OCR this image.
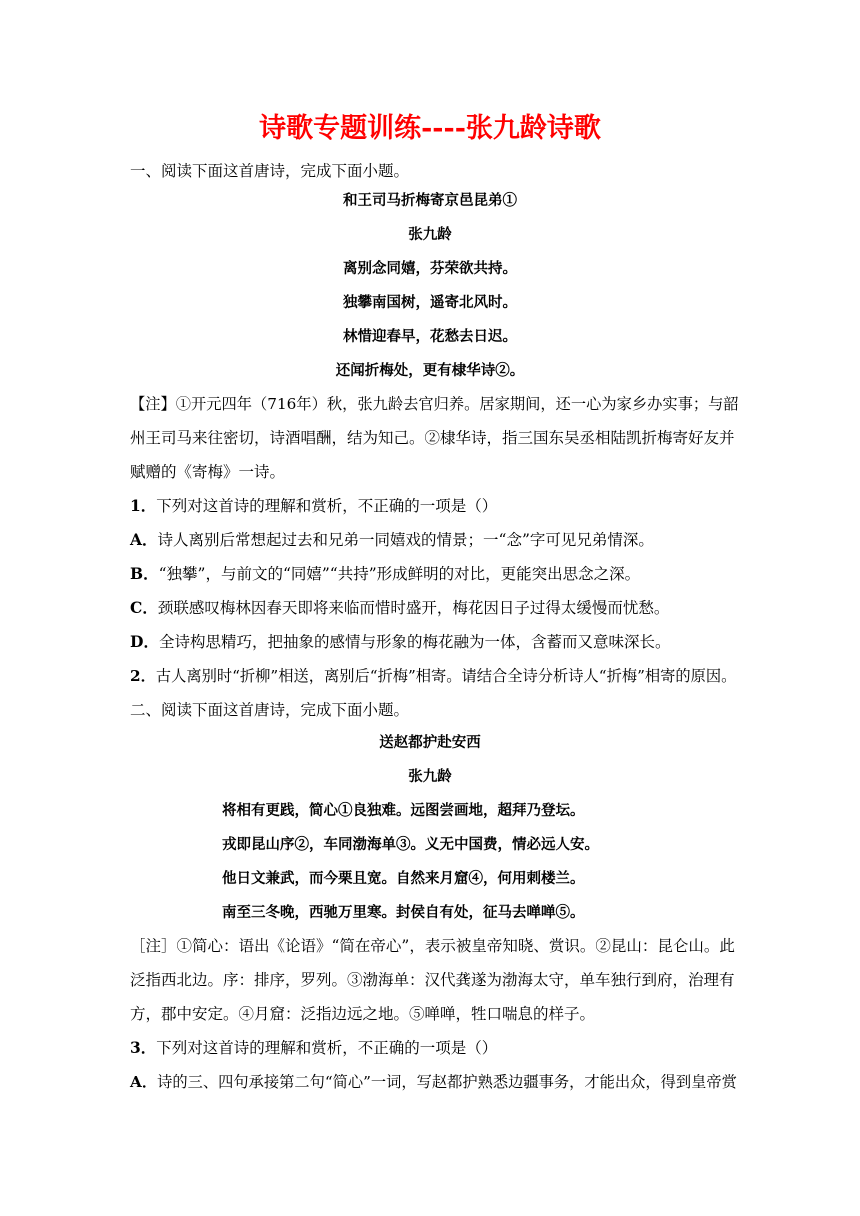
诗歌专题训练----张九龄诗歌
一、阅读下面这首唐诗，完成下面小题。
和王司马折梅寄京邑昆弟①
张九龄
离别念同嬉，芬荣欲共持。
独攀南国树，遥寄北风时。
林惜迎春早，花愁去日迟。
还闻折梅处，更有棣华诗②。
【注】①开元四年（716年）秋，张九龄去官归养。居家期间，还一心为家乡办实事；与韶
州王司马来往密切，诗酒唱酬，结为知己。②棣华诗，指三国东吴丞相陆凯折梅寄好友并
赋赠的《寄梅》一诗。
1．下列对这首诗的理解和赏析，不正确的一项是（）
A．诗人离别后常想起过去和兄弟一同嬉戏的情景；一“念”字可见兄弟情深。
B．“独攀”，与前文的“同嬉”“共持”形成鲜明的对比，更能突出思念之深。
C．颈联感叹梅林因春天即将来临而惜时盛开，梅花因日子过得太缓慢而忧愁。
D．全诗构思精巧，把抽象的感情与形象的梅花融为一体，含蓄而又意味深长。
2．古人离别时“折柳”相送，离别后“折梅”相寄。请结合全诗分析诗人“折梅”相寄的原因。
二、阅读下面这首唐诗，完成下面小题。
送赵都护赴安西
张九龄
将相有更践，简心①良独难。远图尝画地，超拜乃登坛。
戎即昆山序②，车同渤海单③。义无中国费，情必远人安。
他日文兼武，而今栗且宽。自然来月窟④，何用刺楼兰。
南至三冬晚，西驰万里寒。封侯自有处，征马去啴啴⑤。
［注］①简心：语出《论语》“简在帝心”，表示被皇帝知晓、赏识。②昆山：昆仑山。此
泛指西北边。序：排序，罗列。③渤海单：汉代龚遂为渤海太守，单车独行到府，治理有
方，郡中安定。④月窟：泛指边远之地。⑤啴啴，牲口喘息的样子。
3．下列对这首诗的理解和赏析，不正确的一项是（）
A．诗的三、四句承接第二句“简心”一词，写赵都护熟悉边疆事务，才能出众，得到皇帝赏
